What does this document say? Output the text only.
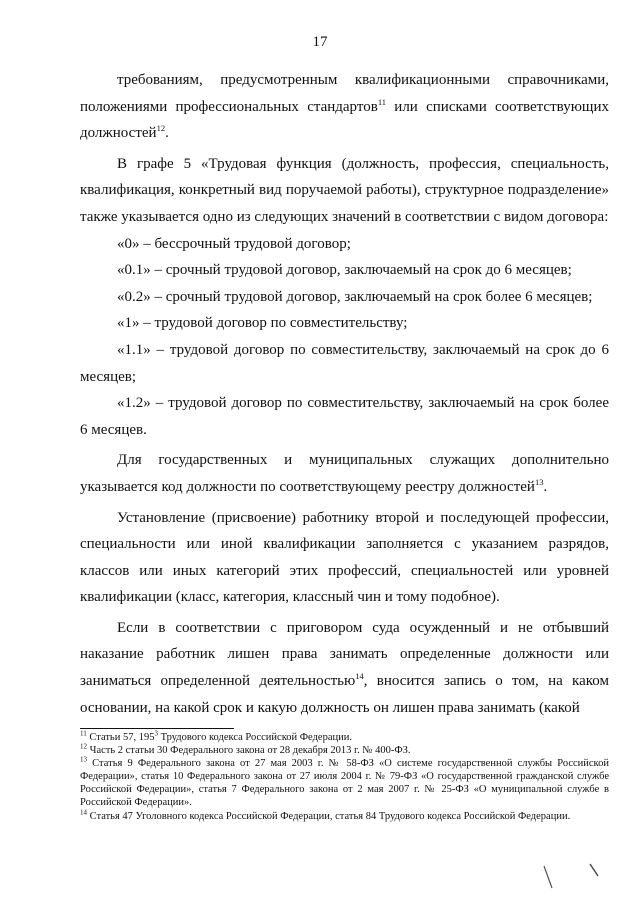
17

требованиям, предусмотренным квалификационными справочниками, положениями профессиональных стандартов$^{11}$ или списками соответствующих должностей$^{12}$.

В графе 5 «Трудовая функция (должность, профессия, специальность, квалификация, конкретный вид поручаемой работы), структурное подразделение» также указывается одно из следующих значений в соответствии с видом договора:

«0» – бессрочный трудовой договор;

«0.1» – срочный трудовой договор, заключаемый на срок до 6 месяцев;

«0.2» – срочный трудовой договор, заключаемый на срок более 6 месяцев;

«1» – трудовой договор по совместительству;

«1.1» – трудовой договор по совместительству, заключаемый на срок до 6 месяцев;

«1.2» – трудовой договор по совместительству, заключаемый на срок более 6 месяцев.

Для государственных и муниципальных служащих дополнительно указывается код должности по соответствующему реестру должностей$^{13}$.

Установление (присвоение) работнику второй и последующей профессии, специальности или иной квалификации заполняется с указанием разрядов, классов или иных категорий этих профессий, специальностей или уровней квалификации (класс, категория, классный чин и тому подобное).

Если в соответствии с приговором суда осужденный и не отбывший наказание работник лишен права занимать определенные должности или заниматься определенной деятельностью$^{14}$, вносится запись о том, на каком основании, на какой срок и какую должность он лишен права занимать (какой

$^{11}$ Статьи 57, 195$^3$ Трудового кодекса Российской Федерации.

$^{12}$ Часть 2 статьи 30 Федерального закона от 28 декабря 2013 г. № 400-ФЗ.

$^{13}$ Статья 9 Федерального закона от 27 мая 2003 г. № 58-ФЗ «О системе государственной службы Российской Федерации», статья 10 Федерального закона от 27 июля 2004 г. № 79-ФЗ «О государственной гражданской службе Российской Федерации», статья 7 Федерального закона от 2 мая 2007 г. № 25-ФЗ «О муниципальной службе в Российской Федерации».

$^{14}$ Статья 47 Уголовного кодекса Российской Федерации, статья 84 Трудового кодекса Российской Федерации.
